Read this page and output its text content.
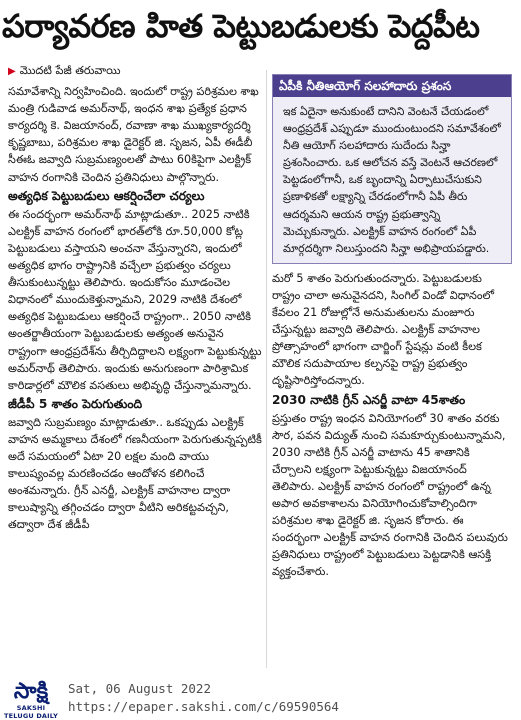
పర్యావరణ హిత పెట్టుబడులకు పెద్దపీట
▶ మొదటి పేజీ తరువాయి

సమావేశాన్ని నిర్వహించింది. ఇందులో రాష్ట్ర పరిశ్రమల శాఖ మంత్రి గుడివాడ అమర్‌నాథ్, ఇంధన శాఖ ప్రత్యేక ప్రధాన కార్యదర్శి కె. విజయానంద్, రవాణా శాఖ ముఖ్యకార్యదర్శి కృష్ణబాబు, పరిశ్రమల శాఖ డైరెక్టర్ జి. సృజన, ఏపీ ఈడీబీ సీఈఓ జవ్వాది సుబ్రమణ్యంలతో పాటు 60కిపైగా ఎలక్ట్రిక్ వాహన రంగానికి చెందిన ప్రతినిధులు పాల్గొన్నారు.

అత్యధిక పెట్టుబడులు ఆకర్షించేలా చర్యలు

ఈ సందర్భంగా అమర్‌నాథ్ మాట్లాడుతూ.. 2025 నాటికి ఎలక్ట్రిక్ వాహన రంగంలో భారత్‌లోకి రూ.50,000 కోట్ల పెట్టుబడులు వస్తాయని అంచనా వేస్తున్నారని, ఇందులో అత్యధిక భాగం రాష్ట్రానికి వచ్చేలా ప్రభుత్వం చర్యలు తీసుకుంటున్నట్టు తెలిపారు. ఇందుకోసం మూడంచెల విధానంలో ముందుకెళ్తున్నామని, 2029 నాటికి దేశంలో అత్యధిక పెట్టుబడులు ఆకర్షించే రాష్ట్రంగా.. 2050 నాటికి అంతర్జాతీయంగా పెట్టుబడులకు అత్యంత అనువైన రాష్ట్రంగా ఆంధ్రప్రదేశ్‌ను తీర్చిదిద్దాలని లక్ష్యంగా పెట్టుకున్నట్టు అమర్‌నాథ్ తెలిపారు. ఇందుకు అనుగుణంగా పారిశ్రామిక కారిడార్లలో మౌలిక వసతులు అభివృద్ధి చేస్తున్నామన్నారు.

జీడీపీ 5 శాతం పెరుగుతుంది

జవ్వాది సుబ్రమణ్యం మాట్లాడుతూ.. ఒకప్పుడు ఎలక్ట్రిక్ వాహన అమ్మకాలు దేశంలో గణనీయంగా పెరుగుతున్నప్పటికీ అదే సమయంలో ఏటా 20 లక్షల మంది వాయు కాలుష్యంవల్ల మరణించడం ఆందోళన కలిగించే అంశమన్నారు. గ్రీన్ ఎనర్జీ, ఎలక్ట్రిక్ వాహనాల ద్వారా కాలుష్యాన్ని తగ్గించడం ద్వారా వీటిని అరికట్టవచ్చని, తద్వారా దేశ జీడీపీ

ఏపీకి నీతిఆయోగ్ సలహాదారు ప్రశంస
ఇక ఏదైనా అనుకుంటే దానిని వెంటనే చేయడంలో ఆంధ్రప్రదేశ్ ఎప్పుడూ ముందుంటుందని సమావేశంలో నీతి ఆయోగ్ సలహాదారు సుదేందు సిన్హా ప్రశంసించారు. ఒక ఆలోచన వస్తే వెంటనే ఆచరణలో పెట్టడంలోగానీ, ఒక బృందాన్ని ఏర్పాటుచేసుకుని ప్రణాళికతో లక్ష్యాన్ని చేరడంలోగానీ ఏపీ తీరు ఆదర్శమని ఆయన రాష్ట్ర ప్రభుత్వాన్ని మెచ్చుకున్నారు. ఎలక్ట్రిక్ వాహన రంగంలో ఏపీ మార్గదర్శిగా నిలుస్తుందని సిన్హా అభిప్రాయపడ్డారు.

మరో 5 శాతం పెరుగుతుందన్నారు. పెట్టుబడులకు రాష్ట్రం చాలా అనువైనదని, సింగిల్ విండో విధానంలో కేవలం 21 రోజుల్లోనే అనుమతులను మంజూరు చేస్తున్నట్టు జవ్వాది తెలిపారు. ఎలక్ట్రిక్ వాహనాల ప్రోత్సాహంలో భాగంగా చార్జింగ్ స్టేషన్లు వంటి కీలక మౌలిక సదుపాయాల కల్పనపై రాష్ట్ర ప్రభుత్వం దృష్టిసారిస్తోందన్నారు.

2030 నాటికి గ్రీన్ ఎనర్జీ వాటా 45శాతం

ప్రస్తుతం రాష్ట్ర ఇంధన వినియోగంలో 30 శాతం వరకు సౌర, పవన విద్యుత్ నుంచి సమకూర్చుకుంటున్నామని, 2030 నాటికి గ్రీన్ ఎనర్జీ వాటాను 45 శాతానికి చేర్చాలని లక్ష్యంగా పెట్టుకున్నట్టు విజయానంద్ తెలిపారు. ఎలక్ట్రిక్ వాహన రంగంలో రాష్ట్రంలో ఉన్న అపార అవకాశాలను వినియోగించుకోవాల్సిందిగా పరిశ్రమల శాఖ డైరెక్టర్ జి. సృజన కోరారు. ఈ సందర్భంగా ఎలక్ట్రిక్ వాహన రంగానికి చెందిన పలువురు ప్రతినిధులు రాష్ట్రంలో పెట్టుబడులు పెట్టడానికి ఆసక్తి వ్యక్తంచేశారు.

సాక్షి
SAKSHI TELUGU DAILY
Sat, 06 August 2022
https://epaper.sakshi.com/c/69590564
